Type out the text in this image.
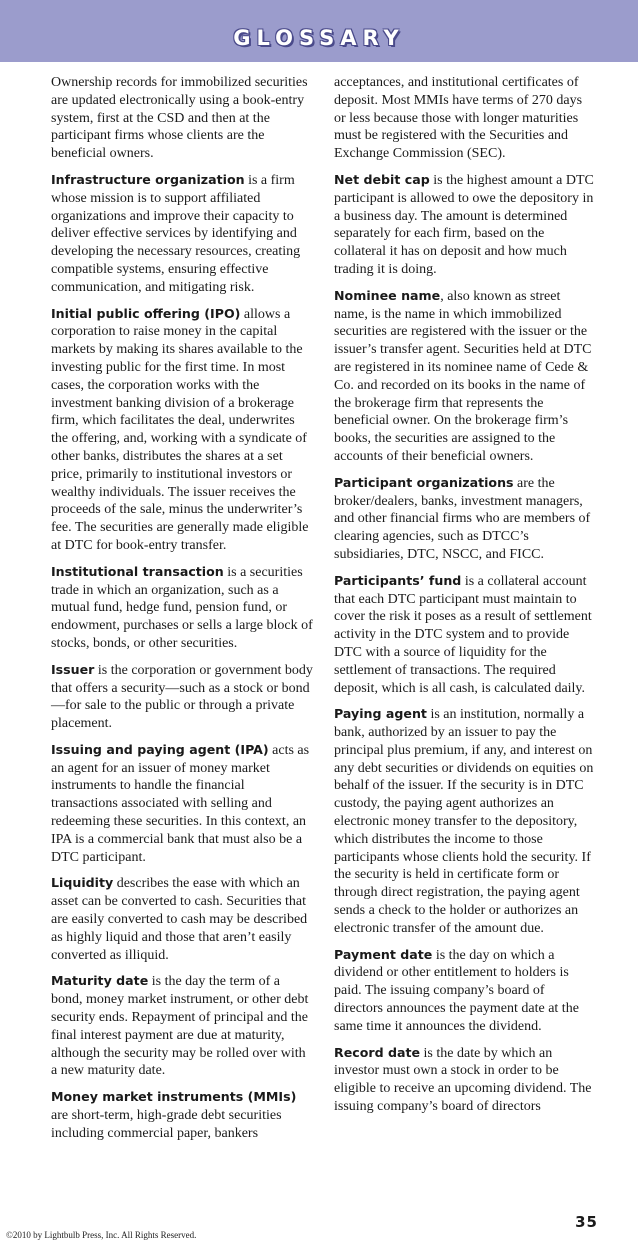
GLOSSARY

Ownership records for immobilized securities are updated electronically using a book-entry system, first at the CSD and then at the participant firms whose clients are the beneficial owners.

Infrastructure organization is a firm whose mission is to support affiliated organizations and improve their capacity to deliver effective services by identifying and developing the necessary resources, creating compatible systems, ensuring effective communication, and mitigating risk.

Initial public offering (IPO) allows a corporation to raise money in the capital markets by making its shares available to the investing public for the first time. In most cases, the corporation works with the investment banking division of a brokerage firm, which facilitates the deal, underwrites the offering, and, working with a syndicate of other banks, distributes the shares at a set price, primarily to institutional investors or wealthy individuals. The issuer receives the proceeds of the sale, minus the underwriter’s fee. The securities are generally made eligible at DTC for book-entry transfer.

Institutional transaction is a securities trade in which an organization, such as a mutual fund, hedge fund, pension fund, or endowment, purchases or sells a large block of stocks, bonds, or other securities.

Issuer is the corporation or government body that offers a security—such as a stock or bond—for sale to the public or through a private placement.

Issuing and paying agent (IPA) acts as an agent for an issuer of money market instruments to handle the financial transactions associated with selling and redeeming these securities. In this context, an IPA is a commercial bank that must also be a DTC participant.

Liquidity describes the ease with which an asset can be converted to cash. Securities that are easily converted to cash may be described as highly liquid and those that aren’t easily converted as illiquid.

Maturity date is the day the term of a bond, money market instrument, or other debt security ends. Repayment of principal and the final interest payment are due at maturity, although the security may be rolled over with a new maturity date.

Money market instruments (MMIs) are short-term, high-grade debt securities including commercial paper, bankers

acceptances, and institutional certificates of deposit. Most MMIs have terms of 270 days or less because those with longer maturities must be registered with the Securities and Exchange Commission (SEC).

Net debit cap is the highest amount a DTC participant is allowed to owe the depository in a business day. The amount is determined separately for each firm, based on the collateral it has on deposit and how much trading it is doing.

Nominee name, also known as street name, is the name in which immobilized securities are registered with the issuer or the issuer’s transfer agent. Securities held at DTC are registered in its nominee name of Cede & Co. and recorded on its books in the name of the brokerage firm that represents the beneficial owner. On the brokerage firm’s books, the securities are assigned to the accounts of their beneficial owners.

Participant organizations are the broker/dealers, banks, investment managers, and other financial firms who are members of clearing agencies, such as DTCC’s subsidiaries, DTC, NSCC, and FICC.

Participants’ fund is a collateral account that each DTC participant must maintain to cover the risk it poses as a result of settlement activity in the DTC system and to provide DTC with a source of liquidity for the settlement of transactions. The required deposit, which is all cash, is calculated daily.

Paying agent is an institution, normally a bank, authorized by an issuer to pay the principal plus premium, if any, and interest on any debt securities or dividends on equities on behalf of the issuer. If the security is in DTC custody, the paying agent authorizes an electronic money transfer to the depository, which distributes the income to those participants whose clients hold the security. If the security is held in certificate form or through direct registration, the paying agent sends a check to the holder or authorizes an electronic transfer of the amount due.

Payment date is the day on which a dividend or other entitlement to holders is paid. The issuing company’s board of directors announces the payment date at the same time it announces the dividend.

Record date is the date by which an investor must own a stock in order to be eligible to receive an upcoming dividend. The issuing company’s board of directors

©2010 by Lightbulb Press, Inc. All Rights Reserved.
35
